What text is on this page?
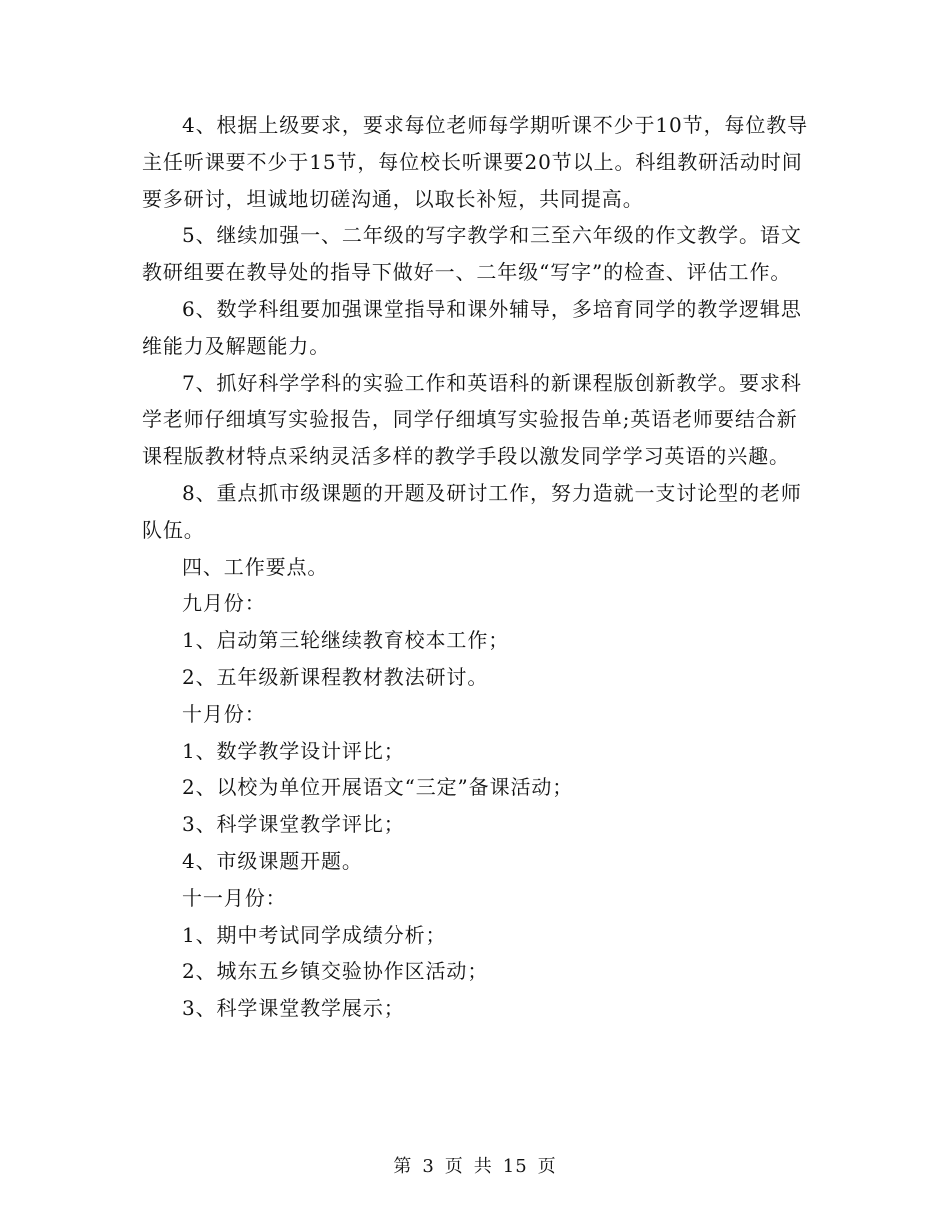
4、根据上级要求，要求每位老师每学期听课不少于10节，每位教导主任听课要不少于15节，每位校长听课要20节以上。科组教研活动时间要多研讨，坦诚地切磋沟通，以取长补短，共同提高。

5、继续加强一、二年级的写字教学和三至六年级的作文教学。语文教研组要在教导处的指导下做好一、二年级“写字”的检查、评估工作。

6、数学科组要加强课堂指导和课外辅导，多培育同学的教学逻辑思维能力及解题能力。

7、抓好科学学科的实验工作和英语科的新课程版创新教学。要求科学老师仔细填写实验报告，同学仔细填写实验报告单;英语老师要结合新课程版教材特点采纳灵活多样的教学手段以激发同学学习英语的兴趣。

8、重点抓市级课题的开题及研讨工作，努力造就一支讨论型的老师队伍。

四、工作要点。

九月份：

1、启动第三轮继续教育校本工作；

2、五年级新课程教材教法研讨。

十月份：

1、数学教学设计评比；

2、以校为单位开展语文“三定”备课活动；

3、科学课堂教学评比；

4、市级课题开题。

十一月份：

1、期中考试同学成绩分析；

2、城东五乡镇交验协作区活动；

3、科学课堂教学展示；

第 3 页 共 15 页
